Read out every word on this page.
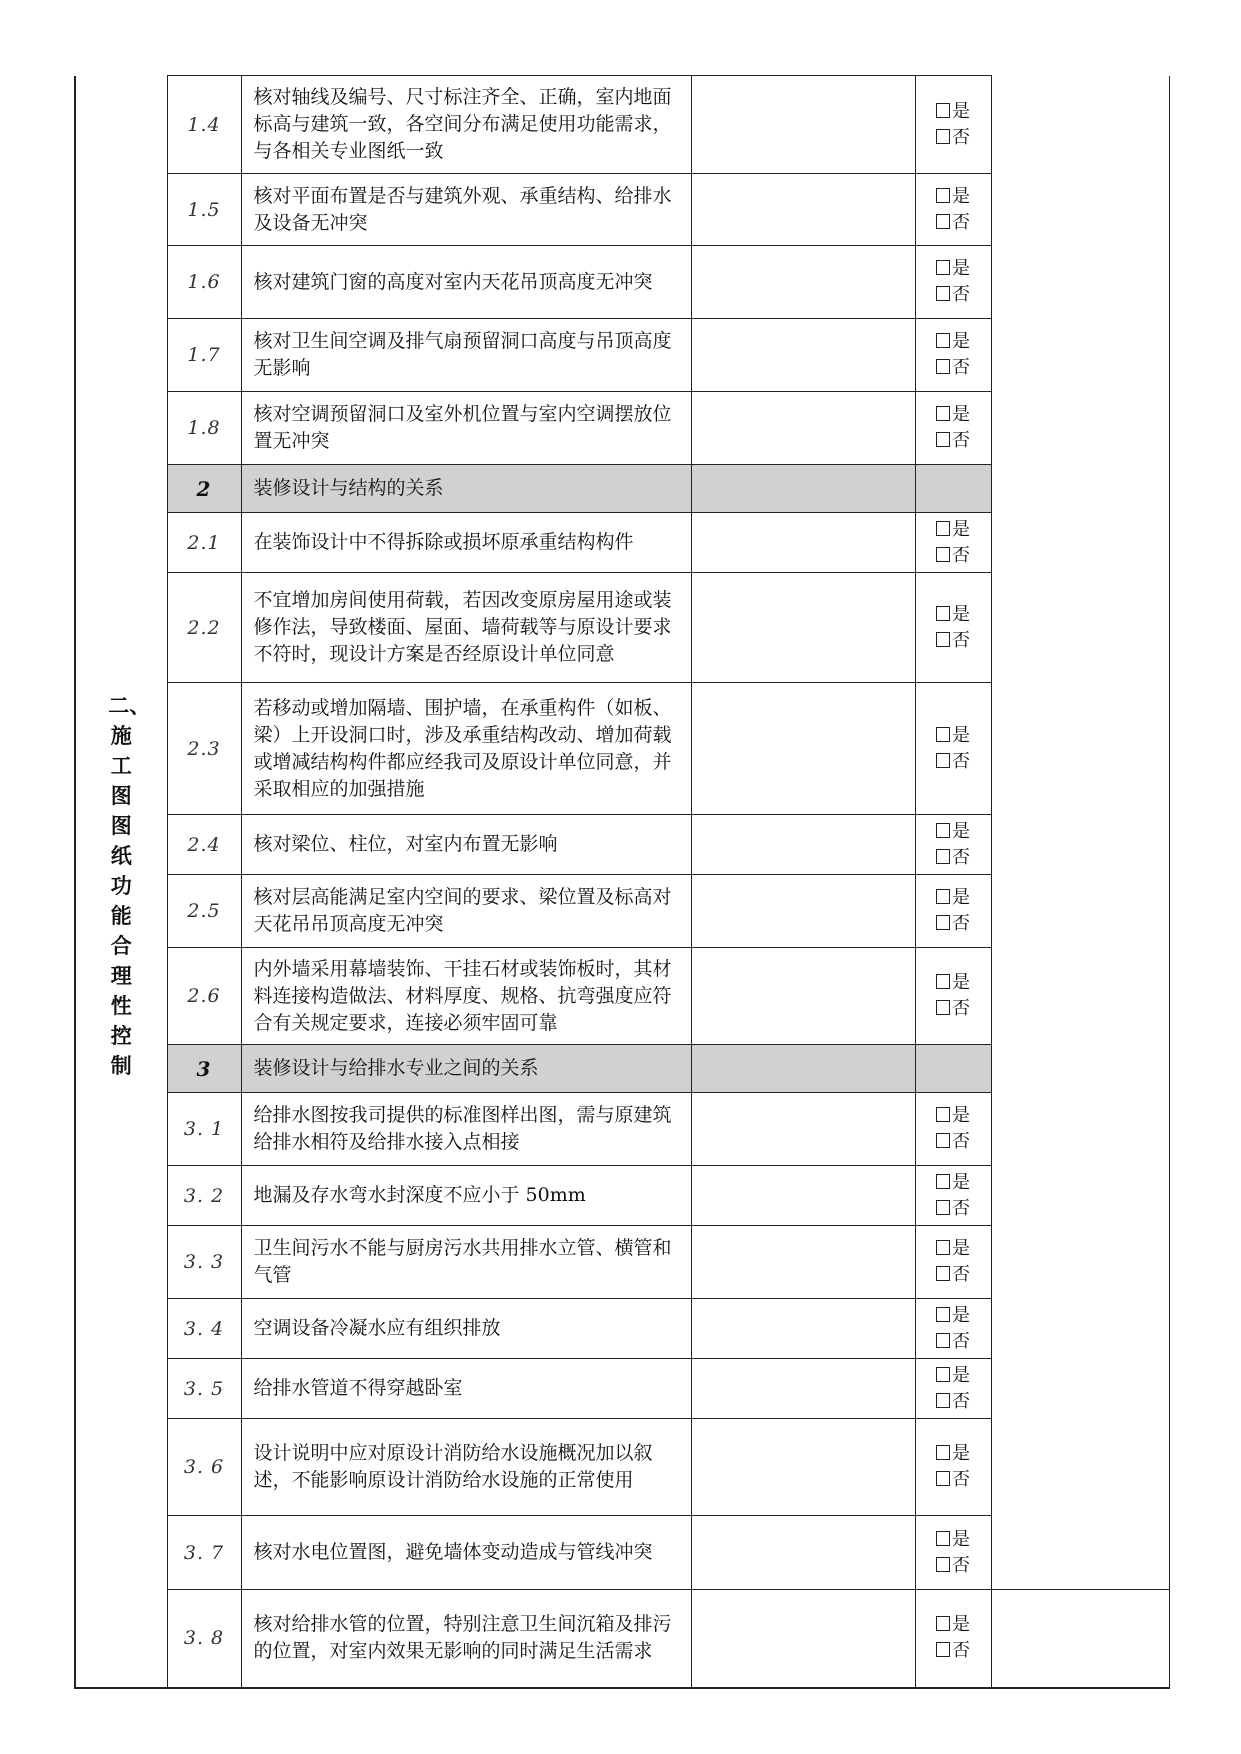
二、施工图图纸功能合理性控制	1.4	核对轴线及编号、尺寸标注齐全、正确，室内地面标高与建筑一致，各空间分布满足使用功能需求，与各相关专业图纸一致		是
否	

	1.5	核对平面布置是否与建筑外观、承重结构、给排水及设备无冲突		是
否	

	1.6	核对建筑门窗的高度对室内天花吊顶高度无冲突		是
否	

	1.7	核对卫生间空调及排气扇预留洞口高度与吊顶高度无影响		是
否	

	1.8	核对空调预留洞口及室外机位置与室内空调摆放位置无冲突		是
否	

	2	装修设计与结构的关系			
	2.1	在装饰设计中不得拆除或损坏原承重结构构件		是
否	

	2.2	不宜增加房间使用荷载，若因改变原房屋用途或装修作法，导致楼面、屋面、墙荷载等与原设计要求不符时，现设计方案是否经原设计单位同意		是
否	

	2.3	若移动或增加隔墙、围护墙，在承重构件（如板、梁）上开设洞口时，涉及承重结构改动、增加荷载或增减结构构件都应经我司及原设计单位同意，并采取相应的加强措施		是
否	

	2.4	核对梁位、柱位，对室内布置无影响		是
否	

	2.5	核对层高能满足室内空间的要求、梁位置及标高对天花吊吊顶高度无冲突		是
否	

	2.6	内外墙采用幕墙装饰、干挂石材或装饰板时，其材料连接构造做法、材料厚度、规格、抗弯强度应符合有关规定要求，连接必须牢固可靠		是
否	

	3	装修设计与给排水专业之间的关系			
	3. 1	给排水图按我司提供的标准图样出图，需与原建筑给排水相符及给排水接入点相接		是
否	

	3. 2	地漏及存水弯水封深度不应小于 50mm		是
否	

	3. 3	卫生间污水不能与厨房污水共用排水立管、横管和气管		是
否	

	3. 4	空调设备冷凝水应有组织排放		是
否	

	3. 5	给排水管道不得穿越卧室		是
否	

	3. 6	设计说明中应对原设计消防给水设施概况加以叙述，不能影响原设计消防给水设施的正常使用		是
否	

	3. 7	核对水电位置图，避免墙体变动造成与管线冲突		是
否	

	3. 8	核对给排水管的位置，特别注意卫生间沉箱及排污的位置，对室内效果无影响的同时满足生活需求		是
否	
